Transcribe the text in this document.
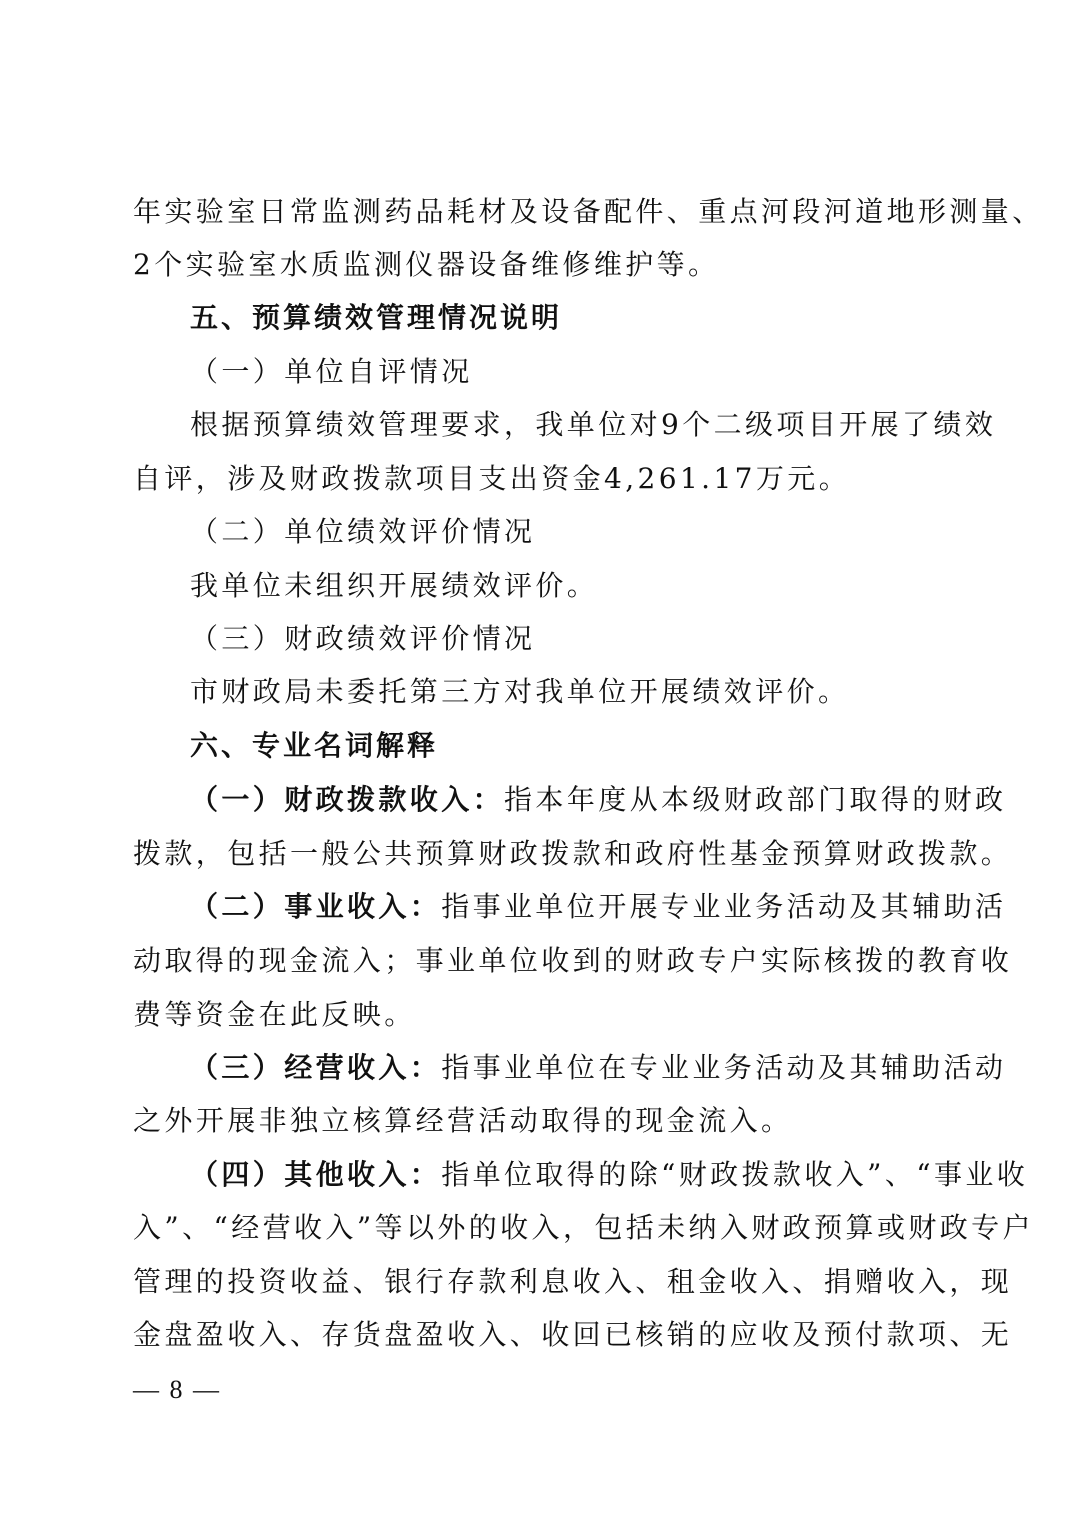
年实验室日常监测药品耗材及设备配件、重点河段河道地形测量、
2个实验室水质监测仪器设备维修维护等。
五、预算绩效管理情况说明
（一）单位自评情况
根据预算绩效管理要求，我单位对9个二级项目开展了绩效
自评，涉及财政拨款项目支出资金4,261.17万元。
（二）单位绩效评价情况
我单位未组织开展绩效评价。
（三）财政绩效评价情况
市财政局未委托第三方对我单位开展绩效评价。
六、专业名词解释
（一）财政拨款收入：指本年度从本级财政部门取得的财政
拨款，包括一般公共预算财政拨款和政府性基金预算财政拨款。
（二）事业收入：指事业单位开展专业业务活动及其辅助活
动取得的现金流入；事业单位收到的财政专户实际核拨的教育收
费等资金在此反映。
（三）经营收入：指事业单位在专业业务活动及其辅助活动
之外开展非独立核算经营活动取得的现金流入。
（四）其他收入：指单位取得的除“财政拨款收入”、“事业收
入”、“经营收入”等以外的收入，包括未纳入财政预算或财政专户
管理的投资收益、银行存款利息收入、租金收入、捐赠收入，现
金盘盈收入、存货盘盈收入、收回已核销的应收及预付款项、无
— 8 —
